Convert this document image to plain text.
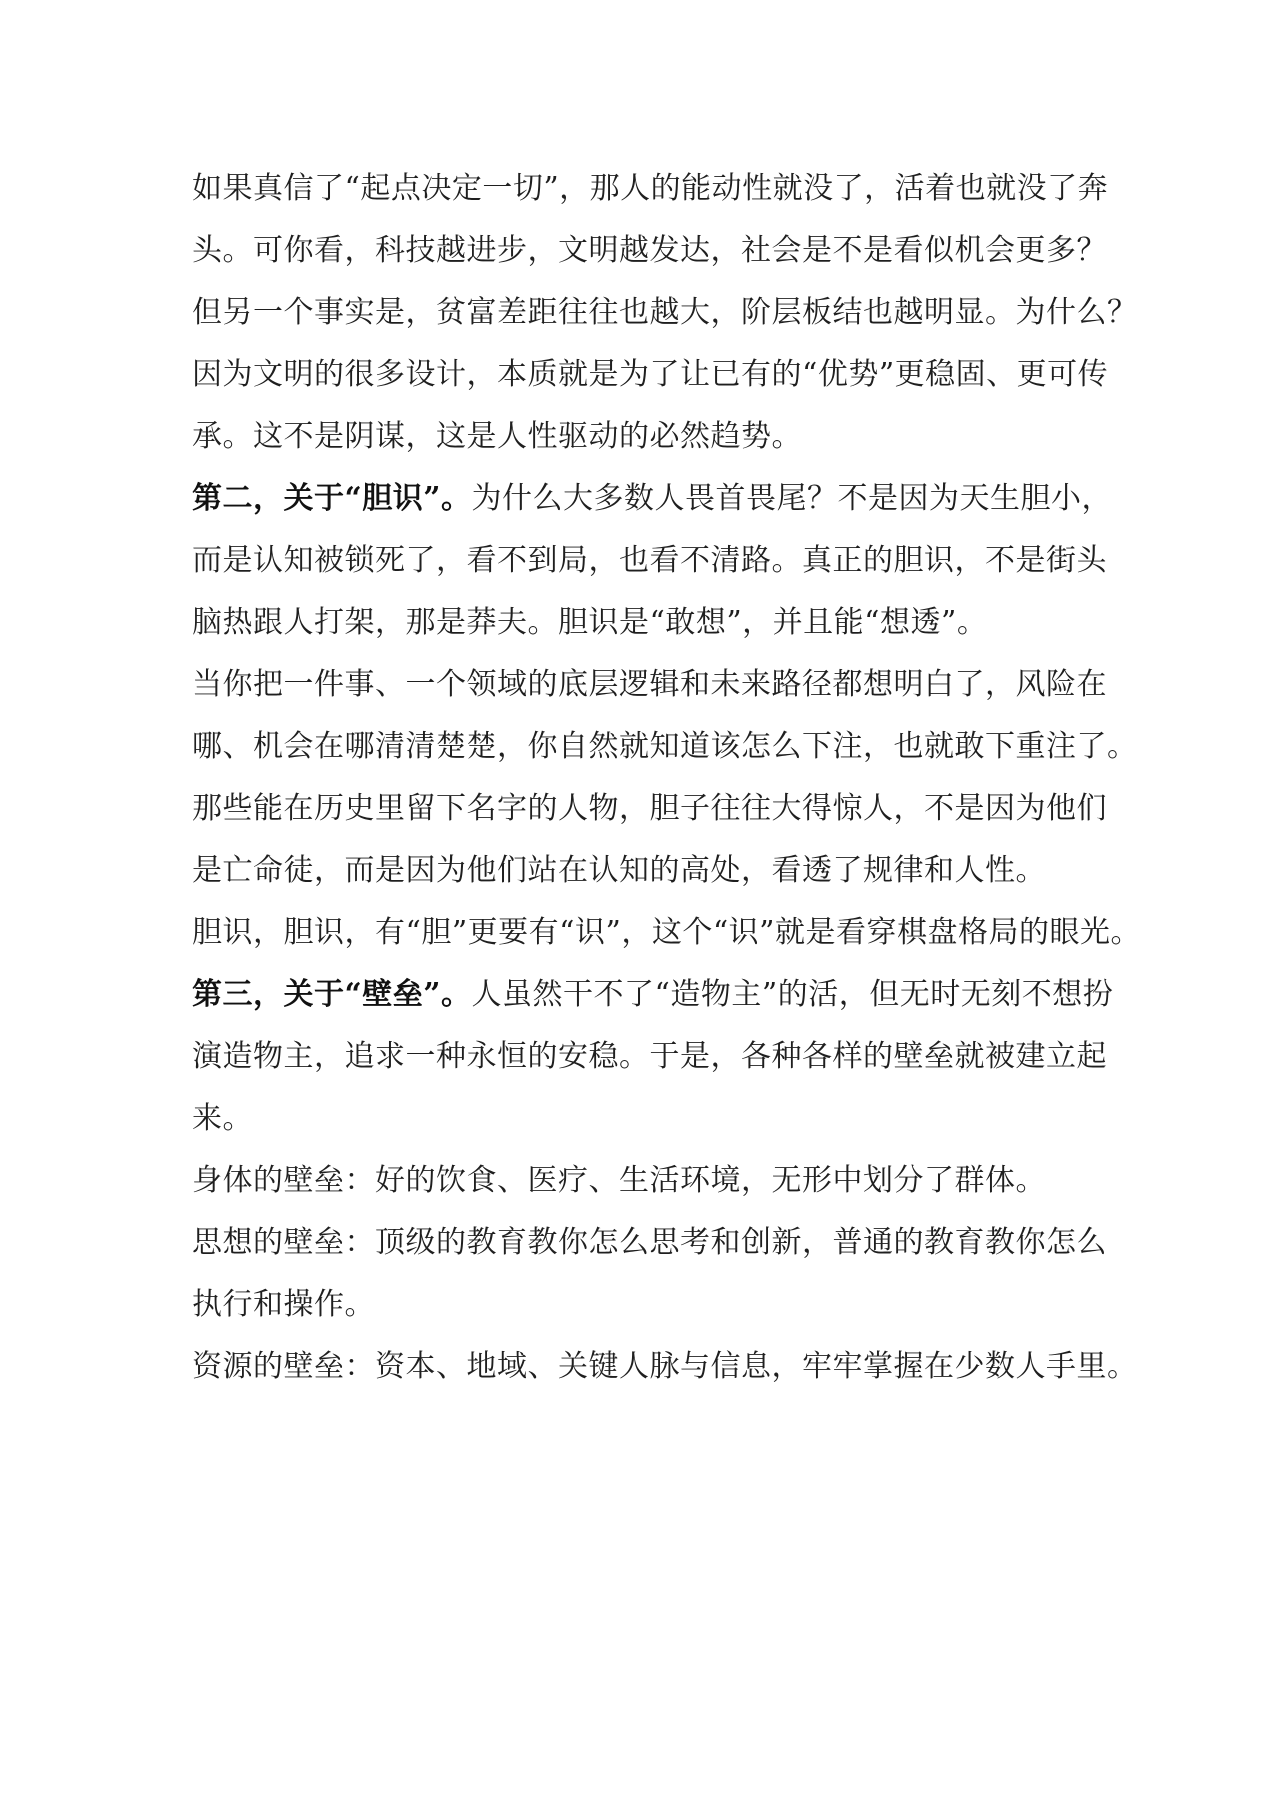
如果真信了“起点决定一切”，那人的能动性就没了，活着也就没了奔
头。可你看，科技越进步，文明越发达，社会是不是看似机会更多？
但另一个事实是，贫富差距往往也越大，阶层板结也越明显。为什么？
因为文明的很多设计，本质就是为了让已有的“优势”更稳固、更可传
承。这不是阴谋，这是人性驱动的必然趋势。
第二，关于“胆识”。为什么大多数人畏首畏尾？不是因为天生胆小，
而是认知被锁死了，看不到局，也看不清路。真正的胆识，不是街头
脑热跟人打架，那是莽夫。胆识是“敢想”，并且能“想透”。
当你把一件事、一个领域的底层逻辑和未来路径都想明白了，风险在
哪、机会在哪清清楚楚，你自然就知道该怎么下注，也就敢下重注了。
那些能在历史里留下名字的人物，胆子往往大得惊人，不是因为他们
是亡命徒，而是因为他们站在认知的高处，看透了规律和人性。
胆识，胆识，有“胆”更要有“识”，这个“识”就是看穿棋盘格局的眼光。
第三，关于“壁垒”。人虽然干不了“造物主”的活，但无时无刻不想扮
演造物主，追求一种永恒的安稳。于是，各种各样的壁垒就被建立起
来。
身体的壁垒：好的饮食、医疗、生活环境，无形中划分了群体。
思想的壁垒：顶级的教育教你怎么思考和创新，普通的教育教你怎么
执行和操作。
资源的壁垒：资本、地域、关键人脉与信息，牢牢掌握在少数人手里。
